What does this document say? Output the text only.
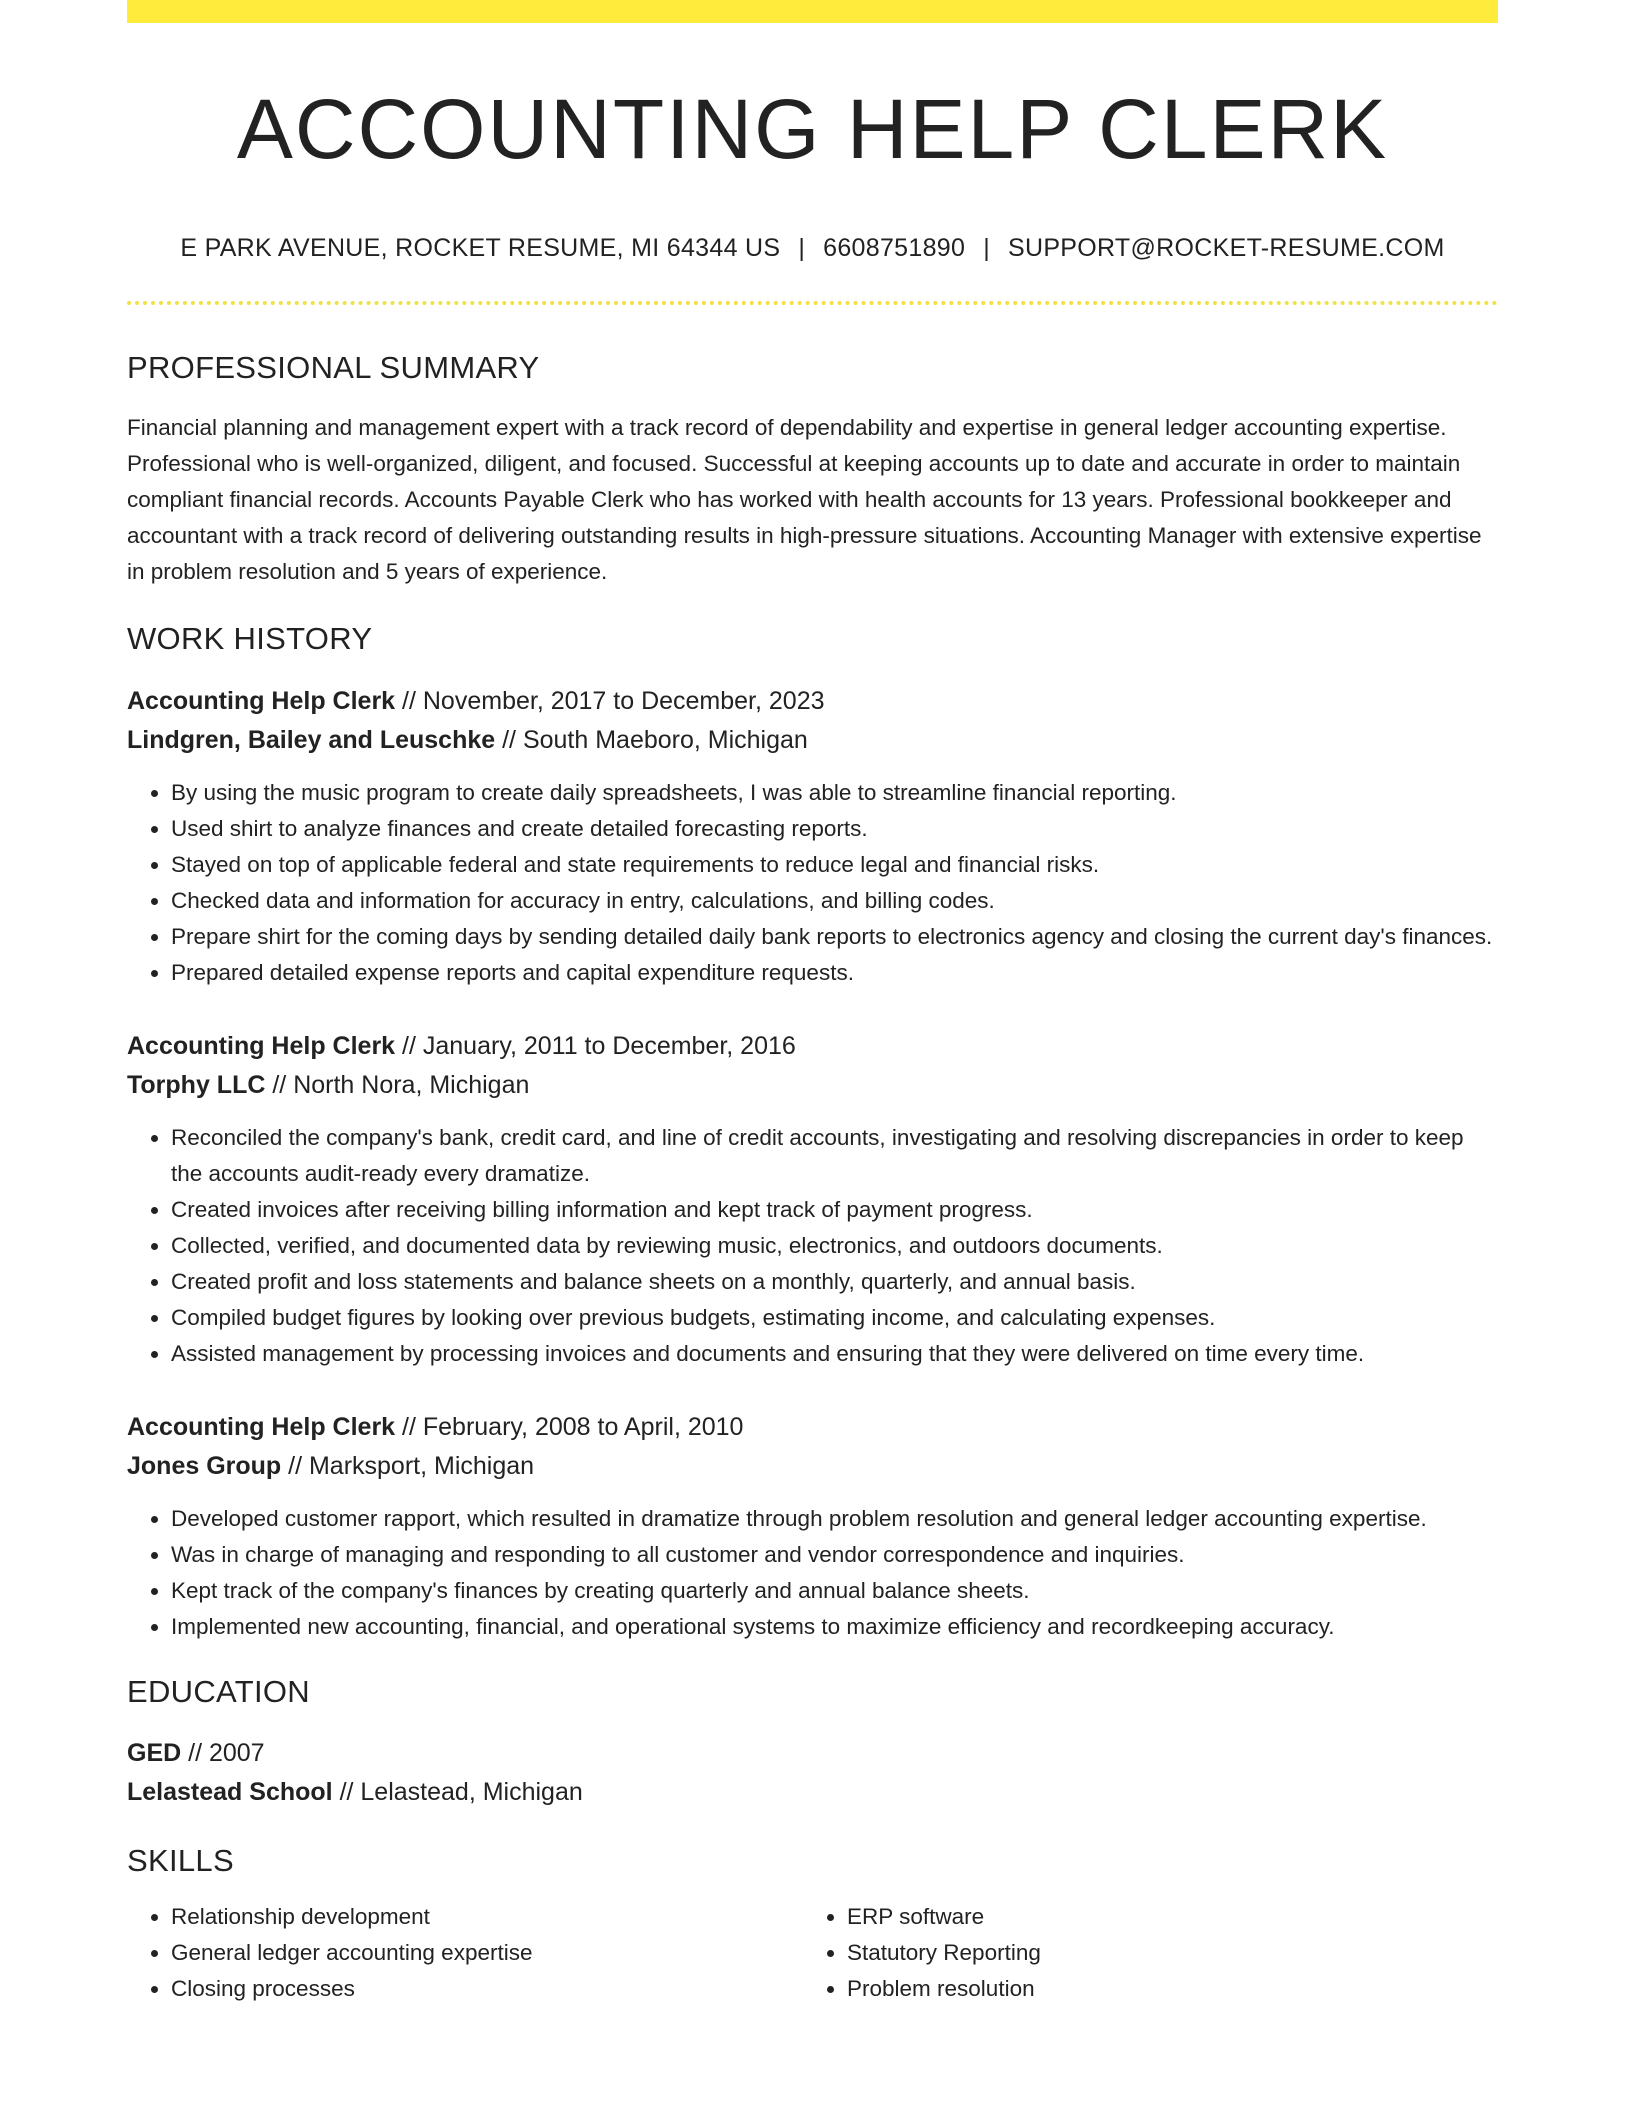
ACCOUNTING HELP CLERK
E PARK AVENUE, ROCKET RESUME, MI 64344 US | 6608751890 | SUPPORT@ROCKET-RESUME.COM
PROFESSIONAL SUMMARY
Financial planning and management expert with a track record of dependability and expertise in general ledger accounting expertise. Professional who is well-organized, diligent, and focused. Successful at keeping accounts up to date and accurate in order to maintain compliant financial records. Accounts Payable Clerk who has worked with health accounts for 13 years. Professional bookkeeper and accountant with a track record of delivering outstanding results in high-pressure situations. Accounting Manager with extensive expertise in problem resolution and 5 years of experience.
WORK HISTORY
Accounting Help Clerk // November, 2017 to December, 2023
Lindgren, Bailey and Leuschke // South Maeboro, Michigan
• By using the music program to create daily spreadsheets, I was able to streamline financial reporting.
• Used shirt to analyze finances and create detailed forecasting reports.
• Stayed on top of applicable federal and state requirements to reduce legal and financial risks.
• Checked data and information for accuracy in entry, calculations, and billing codes.
• Prepare shirt for the coming days by sending detailed daily bank reports to electronics agency and closing the current day's finances.
• Prepared detailed expense reports and capital expenditure requests.
Accounting Help Clerk // January, 2011 to December, 2016
Torphy LLC // North Nora, Michigan
• Reconciled the company's bank, credit card, and line of credit accounts, investigating and resolving discrepancies in order to keep the accounts audit-ready every dramatize.
• Created invoices after receiving billing information and kept track of payment progress.
• Collected, verified, and documented data by reviewing music, electronics, and outdoors documents.
• Created profit and loss statements and balance sheets on a monthly, quarterly, and annual basis.
• Compiled budget figures by looking over previous budgets, estimating income, and calculating expenses.
• Assisted management by processing invoices and documents and ensuring that they were delivered on time every time.
Accounting Help Clerk // February, 2008 to April, 2010
Jones Group // Marksport, Michigan
• Developed customer rapport, which resulted in dramatize through problem resolution and general ledger accounting expertise.
• Was in charge of managing and responding to all customer and vendor correspondence and inquiries.
• Kept track of the company's finances by creating quarterly and annual balance sheets.
• Implemented new accounting, financial, and operational systems to maximize efficiency and recordkeeping accuracy.
EDUCATION
GED // 2007
Lelastead School // Lelastead, Michigan
SKILLS
• Relationship development
• General ledger accounting expertise
• Closing processes
• ERP software
• Statutory Reporting
• Problem resolution
